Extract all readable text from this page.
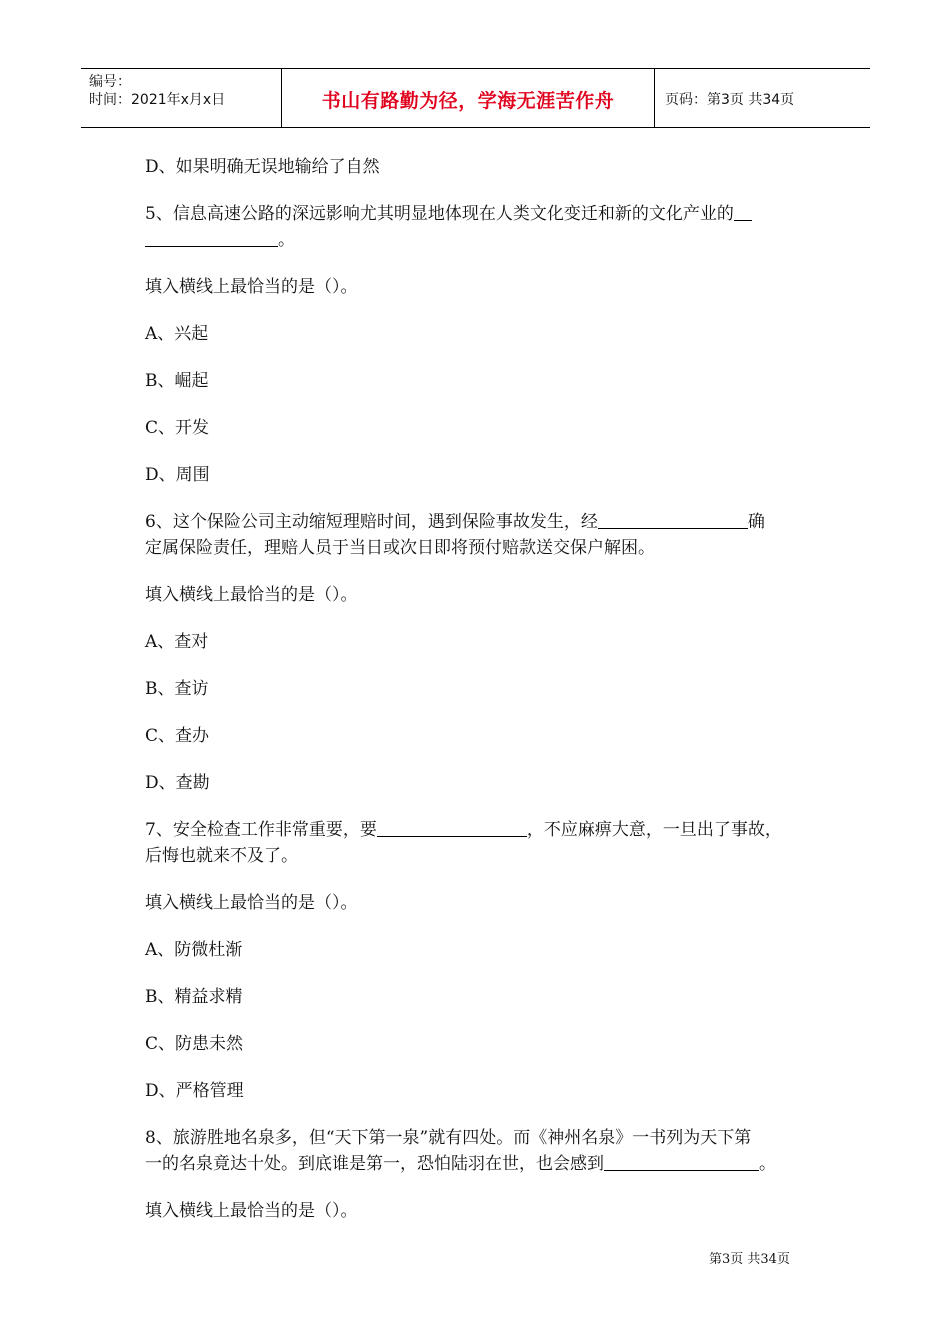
编号：
时间：2021年x月x日	书山有路勤为径，学海无涯苦作舟	页码：第3页 共34页
D、如果明确无误地输给了自然
5、信息高速公路的深远影响尤其明显地体现在人类文化变迁和新的文化产业的
。
填入横线上最恰当的是（）。
A、兴起
B、崛起
C、开发
D、周围
6、这个保险公司主动缩短理赔时间，遇到保险事故发生，经	确
定属保险责任，理赔人员于当日或次日即将预付赔款送交保户解困。
填入横线上最恰当的是（）。
A、查对
B、查访
C、查办
D、查勘
7、安全检查工作非常重要，要	，不应麻痹大意，一旦出了事故，
后悔也就来不及了。
填入横线上最恰当的是（）。
A、防微杜渐
B、精益求精
C、防患未然
D、严格管理
8、旅游胜地名泉多，但“天下第一泉”就有四处。而《神州名泉》一书列为天下第
一的名泉竟达十处。到底谁是第一，恐怕陆羽在世，也会感到	。
填入横线上最恰当的是（）。
第3页 共34页
